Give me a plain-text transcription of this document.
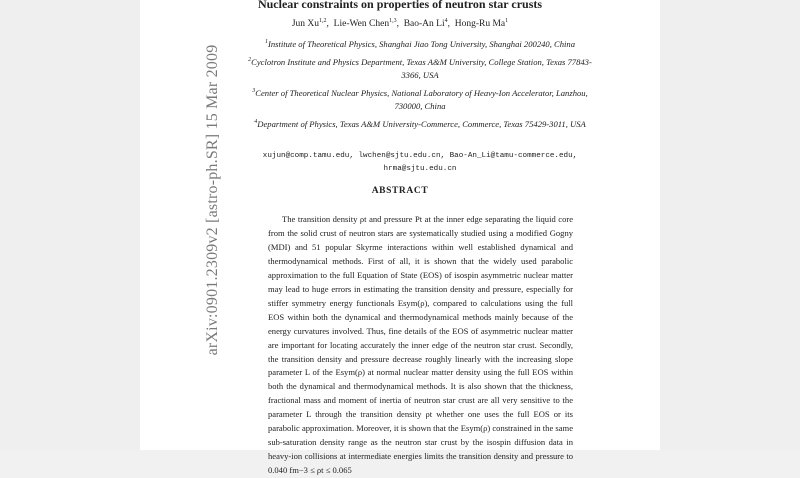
Nuclear constraints on properties of neutron star crusts
Jun Xu$^{1,2}$,  Lie-Wen Chen$^{1,3}$,  Bao-An Li$^4$,  Hong-Ru Ma$^1$
$^1$Institute of Theoretical Physics, Shanghai Jiao Tong University, Shanghai 200240, China
$^2$Cyclotron Institute and Physics Department, Texas A&M University, College Station, Texas 77843-3366, USA
$^3$Center of Theoretical Nuclear Physics, National Laboratory of Heavy-Ion Accelerator, Lanzhou, 730000, China
$^4$Department of Physics, Texas A&M University-Commerce, Commerce, Texas 75429-3011, USA
xujun@comp.tamu.edu, lwchen@sjtu.edu.cn, Bao-An_Li@tamu-commerce.edu,
hrma@sjtu.edu.cn
ABSTRACT
The transition density ρt and pressure Pt at the inner edge separating the liquid core from the solid crust of neutron stars are systematically studied using a modified Gogny (MDI) and 51 popular Skyrme interactions within well established dynamical and thermodynamical methods. First of all, it is shown that the widely used parabolic approximation to the full Equation of State (EOS) of isospin asymmetric nuclear matter may lead to huge errors in estimating the transition density and pressure, especially for stiffer symmetry energy functionals Esym(ρ), compared to calculations using the full EOS within both the dynamical and thermodynamical methods mainly because of the energy curvatures involved. Thus, fine details of the EOS of asymmetric nuclear matter are important for locating accurately the inner edge of the neutron star crust. Secondly, the transition density and pressure decrease roughly linearly with the increasing slope parameter L of the Esym(ρ) at normal nuclear matter density using the full EOS within both the dynamical and thermodynamical methods. It is also shown that the thickness, fractional mass and moment of inertia of neutron star crust are all very sensitive to the parameter L through the transition density ρt whether one uses the full EOS or its parabolic approximation. Moreover, it is shown that the Esym(ρ) constrained in the same sub-saturation density range as the neutron star crust by the isospin diffusion data in heavy-ion collisions at intermediate energies limits the transition density and pressure to 0.040 fm−3 ≤ ρt ≤ 0.065
arXiv:0901.2309v2 [astro-ph.SR] 15 Mar 2009
